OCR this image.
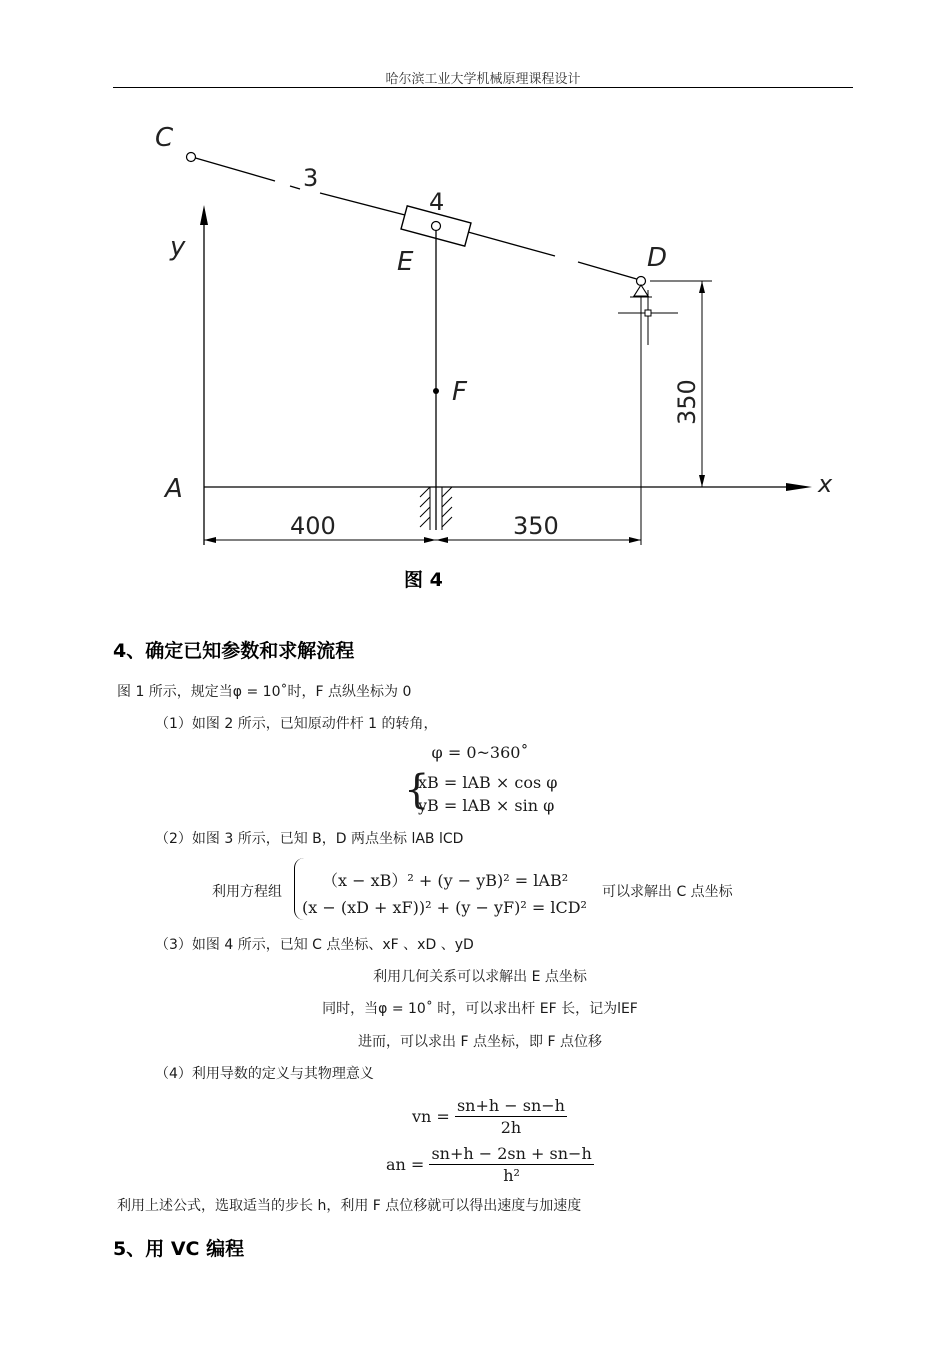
哈尔滨工业大学机械原理课程设计
C
3
4
E	D
F
A
y
x
400	350
350
图 4
4、确定已知参数和求解流程
图 1 所示，规定当φ = 10˚时，F 点纵坐标为 0
（1）如图 2 所示，已知原动件杆 1 的转角，
φ = 0~360˚
{
xB = lAB × cos φ
yB = lAB × sin φ
（2）如图 3 所示，已知 B，D 两点坐标 lAB lCD
利用方程组
（x − xB）² + (y − yB)² = lAB²
(x − (xD + xF))² + (y − yF)² = lCD²
可以求解出 C 点坐标
（3）如图 4 所示，已知 C 点坐标、xF 、xD 、yD
利用几何关系可以求解出 E 点坐标
同时，当φ = 10˚ 时，可以求出杆 EF 长，记为lEF
进而，可以求出 F 点坐标，即 F 点位移
（4）利用导数的定义与其物理意义
vn = $\frac{sn+h - sn-h}{2h}$
an = $\frac{sn+h - 2sn + sn-h}{\text{h²}}$
利用上述公式，选取适当的步长 h，利用 F 点位移就可以得出速度与加速度
5、用 VC 编程
